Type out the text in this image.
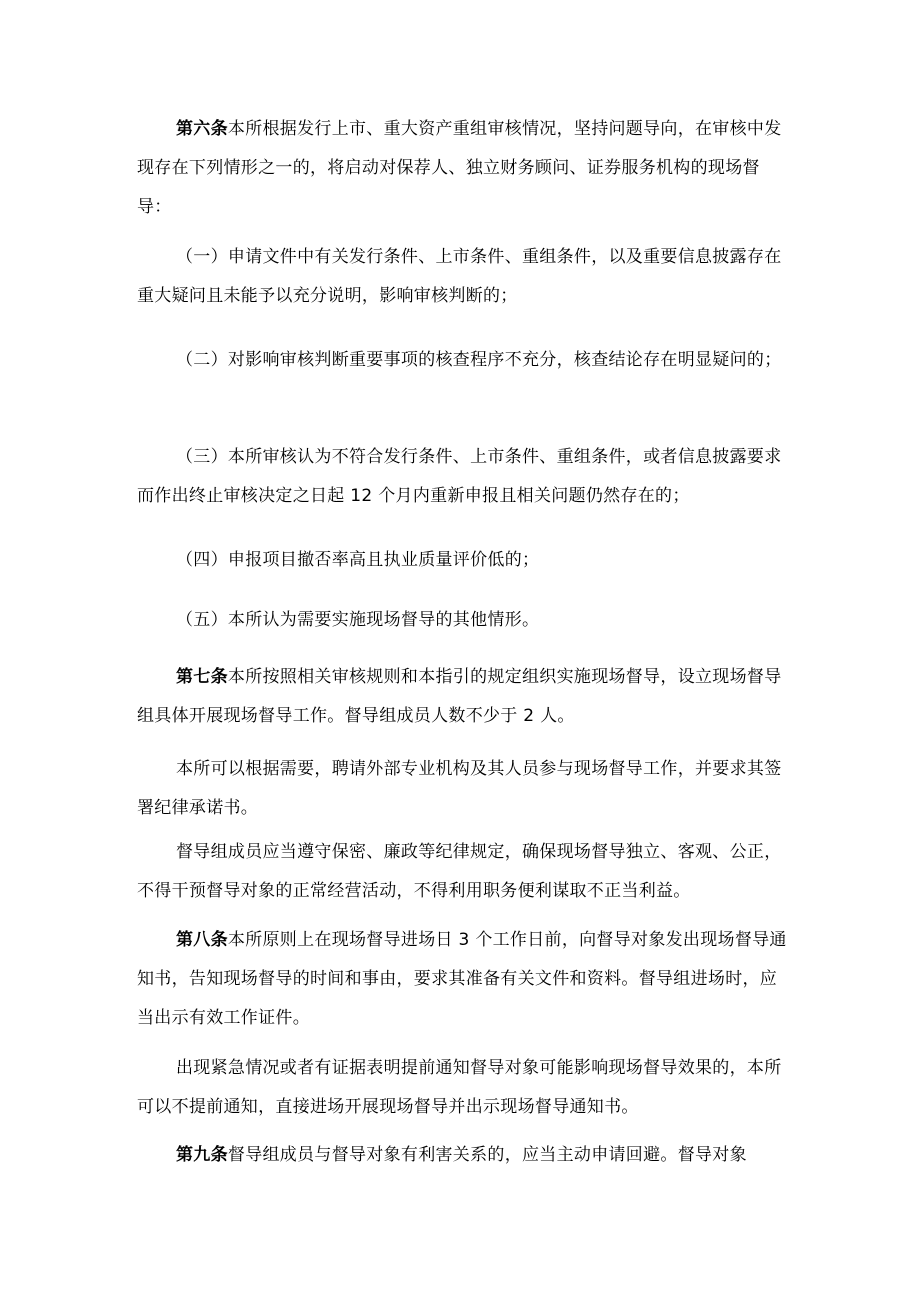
第六条本所根据发行上市、重大资产重组审核情况，坚持问题导向，在审核中发现存在下列情形之一的，将启动对保荐人、独立财务顾问、证券服务机构的现场督导：

（一）申请文件中有关发行条件、上市条件、重组条件，以及重要信息披露存在重大疑问且未能予以充分说明，影响审核判断的；

（二）对影响审核判断重要事项的核查程序不充分，核查结论存在明显疑问的；

（三）本所审核认为不符合发行条件、上市条件、重组条件，或者信息披露要求而作出终止审核决定之日起 12 个月内重新申报且相关问题仍然存在的；

（四）申报项目撤否率高且执业质量评价低的；

（五）本所认为需要实施现场督导的其他情形。

第七条本所按照相关审核规则和本指引的规定组织实施现场督导，设立现场督导组具体开展现场督导工作。督导组成员人数不少于 2 人。

本所可以根据需要，聘请外部专业机构及其人员参与现场督导工作，并要求其签署纪律承诺书。

督导组成员应当遵守保密、廉政等纪律规定，确保现场督导独立、客观、公正，不得干预督导对象的正常经营活动，不得利用职务便利谋取不正当利益。

第八条本所原则上在现场督导进场日 3 个工作日前，向督导对象发出现场督导通知书，告知现场督导的时间和事由，要求其准备有关文件和资料。督导组进场时，应当出示有效工作证件。

出现紧急情况或者有证据表明提前通知督导对象可能影响现场督导效果的，本所可以不提前通知，直接进场开展现场督导并出示现场督导通知书。

第九条督导组成员与督导对象有利害关系的，应当主动申请回避。督导对象
